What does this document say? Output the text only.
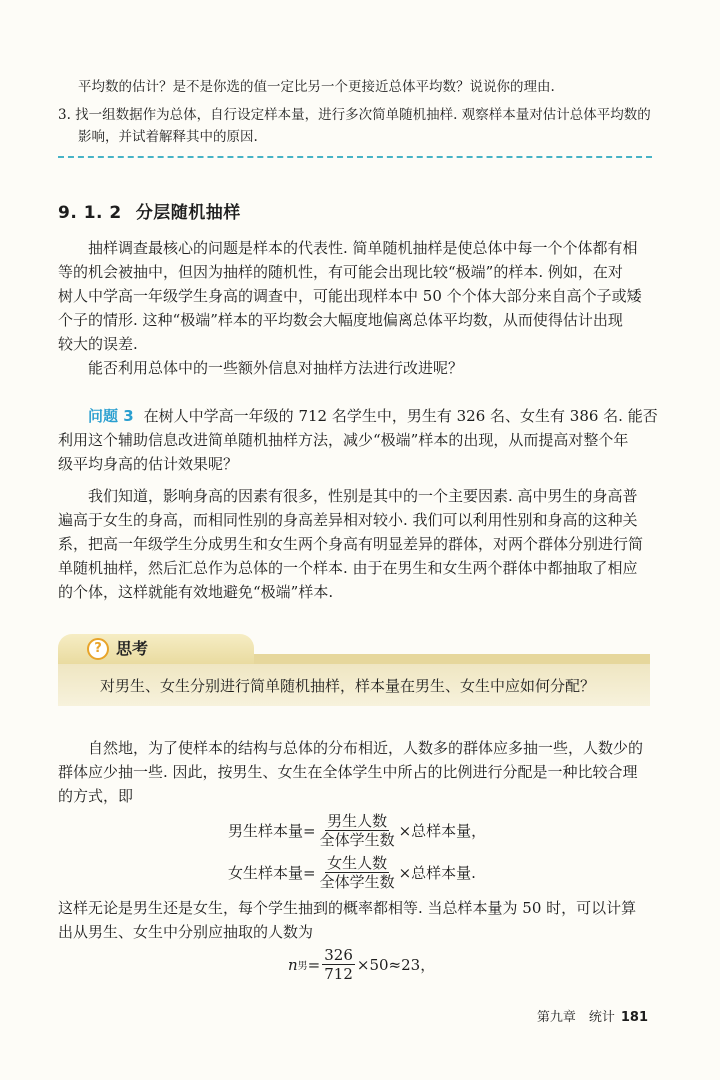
平均数的估计？是不是你选的值一定比另一个更接近总体平均数？说说你的理由.
3. 找一组数据作为总体，自行设定样本量，进行多次简单随机抽样. 观察样本量对估计总体平均数的
影响，并试着解释其中的原因.
9. 1. 2 分层随机抽样
抽样调查最核心的问题是样本的代表性. 简单随机抽样是使总体中每一个个体都有相
等的机会被抽中，但因为抽样的随机性，有可能会出现比较“极端”的样本. 例如，在对
树人中学高一年级学生身高的调查中，可能出现样本中 50 个个体大部分来自高个子或矮
个子的情形. 这种“极端”样本的平均数会大幅度地偏离总体平均数，从而使得估计出现
较大的误差.
能否利用总体中的一些额外信息对抽样方法进行改进呢？
问题 3 在树人中学高一年级的 712 名学生中，男生有 326 名、女生有 386 名. 能否
利用这个辅助信息改进简单随机抽样方法，减少“极端”样本的出现，从而提高对整个年
级平均身高的估计效果呢？
我们知道，影响身高的因素有很多，性别是其中的一个主要因素. 高中男生的身高普
遍高于女生的身高，而相同性别的身高差异相对较小. 我们可以利用性别和身高的这种关
系，把高一年级学生分成男生和女生两个身高有明显差异的群体，对两个群体分别进行简
单随机抽样，然后汇总作为总体的一个样本. 由于在男生和女生两个群体中都抽取了相应
的个体，这样就能有效地避免“极端”样本.
? 思考
对男生、女生分别进行简单随机抽样，样本量在男生、女生中应如何分配？
自然地，为了使样本的结构与总体的分布相近，人数多的群体应多抽一些，人数少的
群体应少抽一些. 因此，按男生、女生在全体学生中所占的比例进行分配是一种比较合理
的方式，即
男生样本量= $\frac{\text{男生人数}}{\text{全体学生数}}$ ×总样本量，
女生样本量= $\frac{\text{女生人数}}{\text{全体学生数}}$ ×总样本量.
这样无论是男生还是女生，每个学生抽到的概率都相等. 当总样本量为 50 时，可以计算
出从男生、女生中分别应抽取的人数为
n 男 = $\frac{326}{712} \times 50\approx 23$，
第九章　统计 181
